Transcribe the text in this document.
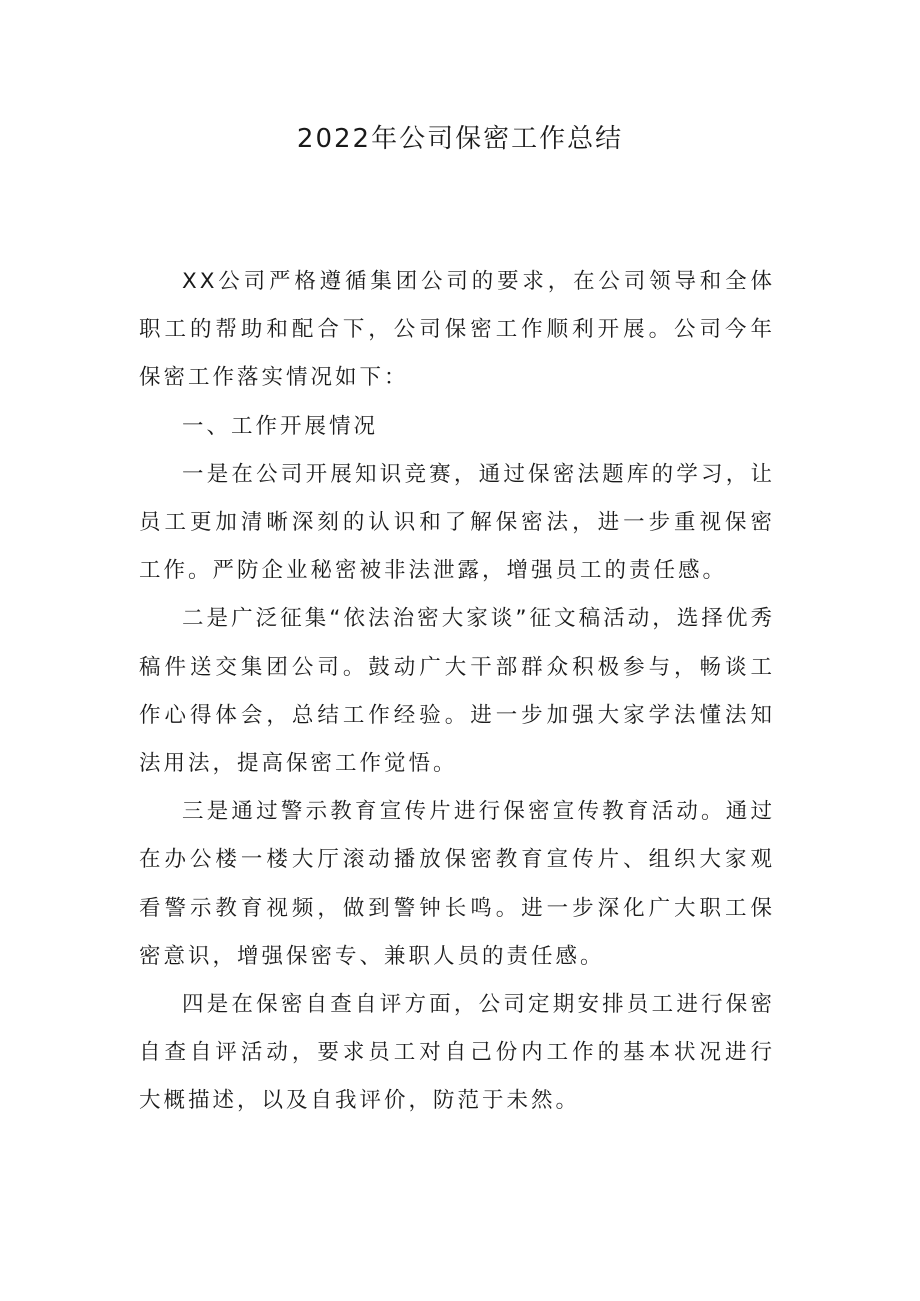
2022年公司保密工作总结

XX公司严格遵循集团公司的要求，在公司领导和全体职工的帮助和配合下，公司保密工作顺利开展。公司今年保密工作落实情况如下：

一、工作开展情况

一是在公司开展知识竞赛，通过保密法题库的学习，让员工更加清晰深刻的认识和了解保密法，进一步重视保密工作。严防企业秘密被非法泄露，增强员工的责任感。

二是广泛征集“依法治密大家谈”征文稿活动，选择优秀稿件送交集团公司。鼓动广大干部群众积极参与，畅谈工作心得体会，总结工作经验。进一步加强大家学法懂法知法用法，提高保密工作觉悟。

三是通过警示教育宣传片进行保密宣传教育活动。通过在办公楼一楼大厅滚动播放保密教育宣传片、组织大家观看警示教育视频，做到警钟长鸣。进一步深化广大职工保密意识，增强保密专、兼职人员的责任感。

四是在保密自查自评方面，公司定期安排员工进行保密自查自评活动，要求员工对自己份内工作的基本状况进行大概描述，以及自我评价，防范于未然。
